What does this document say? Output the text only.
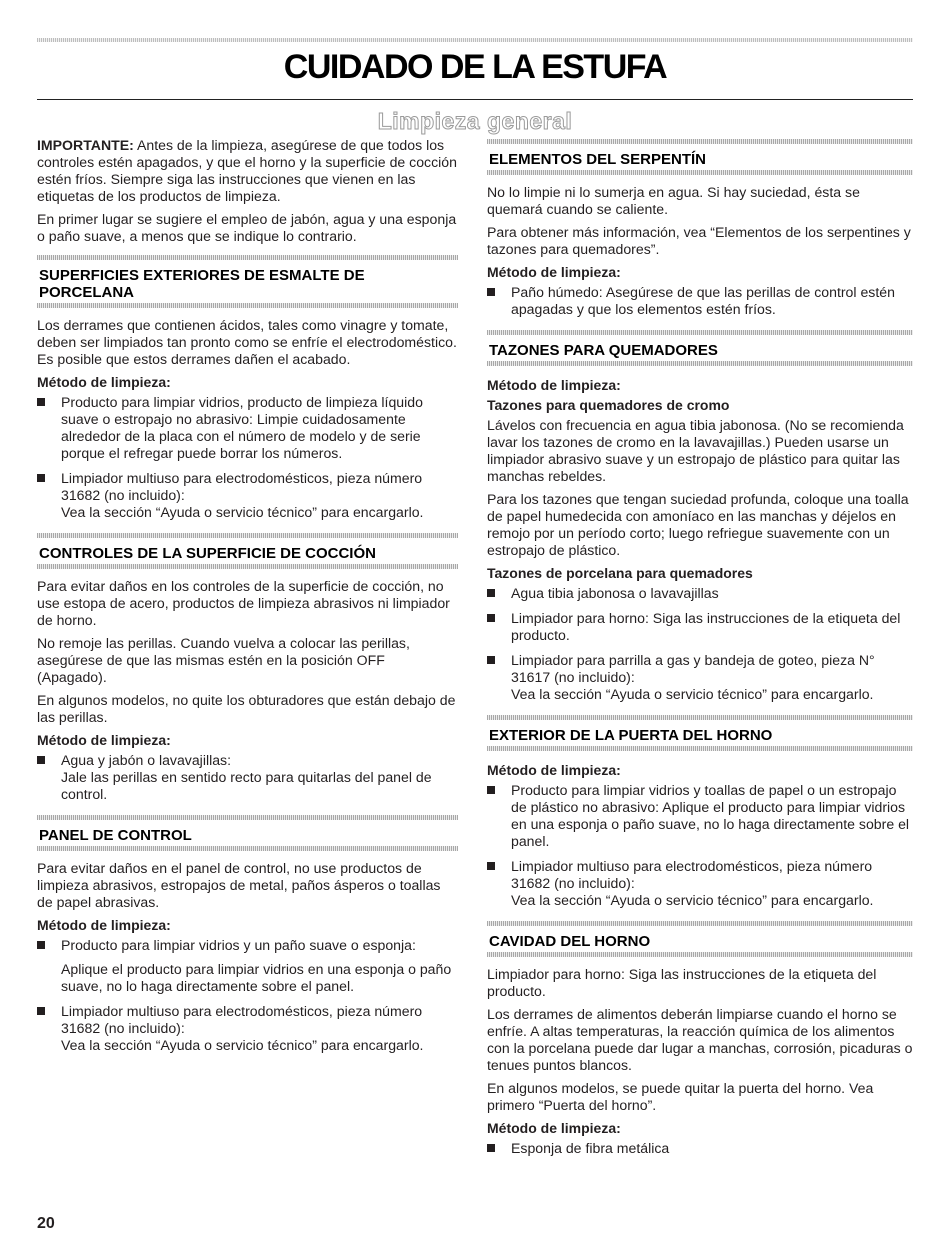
CUIDADO DE LA ESTUFA
Limpieza general

IMPORTANTE: Antes de la limpieza, asegúrese de que todos los controles estén apagados, y que el horno y la superficie de cocción estén fríos. Siempre siga las instrucciones que vienen en las etiquetas de los productos de limpieza.

En primer lugar se sugiere el empleo de jabón, agua y una esponja o paño suave, a menos que se indique lo contrario.

SUPERFICIES EXTERIORES DE ESMALTE DE PORCELANA

Los derrames que contienen ácidos, tales como vinagre y tomate, deben ser limpiados tan pronto como se enfríe el electrodoméstico. Es posible que estos derrames dañen el acabado.

Método de limpieza:
Producto para limpiar vidrios, producto de limpieza líquido suave o estropajo no abrasivo: Limpie cuidadosamente alrededor de la placa con el número de modelo y de serie porque el refregar puede borrar los números.
Limpiador multiuso para electrodomésticos, pieza número 31682 (no incluido):
Vea la sección “Ayuda o servicio técnico” para encargarlo.
CONTROLES DE LA SUPERFICIE DE COCCIÓN

Para evitar daños en los controles de la superficie de cocción, no use estopa de acero, productos de limpieza abrasivos ni limpiador de horno.

No remoje las perillas. Cuando vuelva a colocar las perillas, asegúrese de que las mismas estén en la posición OFF (Apagado).

En algunos modelos, no quite los obturadores que están debajo de las perillas.

Método de limpieza:
Agua y jabón o lavavajillas:
Jale las perillas en sentido recto para quitarlas del panel de control.
PANEL DE CONTROL

Para evitar daños en el panel de control, no use productos de limpieza abrasivos, estropajos de metal, paños ásperos o toallas de papel abrasivas.

Método de limpieza:
Producto para limpiar vidrios y un paño suave o esponja:
Aplique el producto para limpiar vidrios en una esponja o paño suave, no lo haga directamente sobre el panel.
Limpiador multiuso para electrodomésticos, pieza número 31682 (no incluido):
Vea la sección “Ayuda o servicio técnico” para encargarlo.
ELEMENTOS DEL SERPENTÍN

No lo limpie ni lo sumerja en agua. Si hay suciedad, ésta se quemará cuando se caliente.

Para obtener más información, vea “Elementos de los serpentines y tazones para quemadores”.

Método de limpieza:
Paño húmedo: Asegúrese de que las perillas de control estén apagadas y que los elementos estén fríos.
TAZONES PARA QUEMADORES
Método de limpieza:
Tazones para quemadores de cromo

Lávelos con frecuencia en agua tibia jabonosa. (No se recomienda lavar los tazones de cromo en la lavavajillas.) Pueden usarse un limpiador abrasivo suave y un estropajo de plástico para quitar las manchas rebeldes.

Para los tazones que tengan suciedad profunda, coloque una toalla de papel humedecida con amoníaco en las manchas y déjelos en remojo por un período corto; luego refriegue suavemente con un estropajo de plástico.

Tazones de porcelana para quemadores
Agua tibia jabonosa o lavavajillas
Limpiador para horno: Siga las instrucciones de la etiqueta del producto.
Limpiador para parrilla a gas y bandeja de goteo, pieza N° 31617 (no incluido):
Vea la sección “Ayuda o servicio técnico” para encargarlo.
EXTERIOR DE LA PUERTA DEL HORNO
Método de limpieza:
Producto para limpiar vidrios y toallas de papel o un estropajo de plástico no abrasivo: Aplique el producto para limpiar vidrios en una esponja o paño suave, no lo haga directamente sobre el panel.
Limpiador multiuso para electrodomésticos, pieza número 31682 (no incluido):
Vea la sección “Ayuda o servicio técnico” para encargarlo.
CAVIDAD DEL HORNO

Limpiador para horno: Siga las instrucciones de la etiqueta del producto.

Los derrames de alimentos deberán limpiarse cuando el horno se enfríe. A altas temperaturas, la reacción química de los alimentos con la porcelana puede dar lugar a manchas, corrosión, picaduras o tenues puntos blancos.

En algunos modelos, se puede quitar la puerta del horno. Vea primero “Puerta del horno”.

Método de limpieza:
Esponja de fibra metálica

20
